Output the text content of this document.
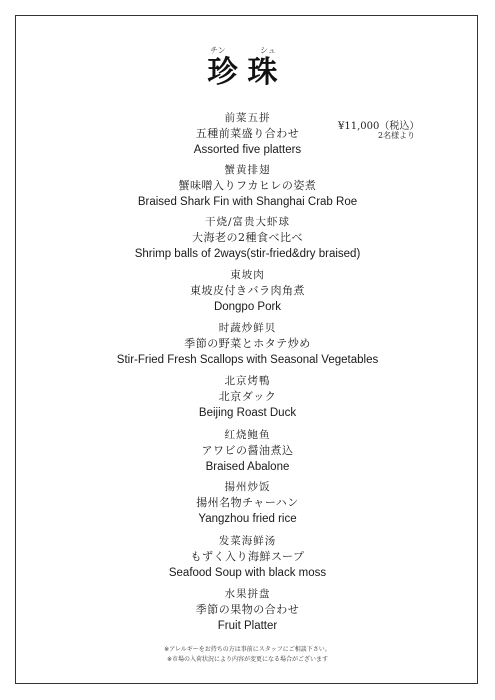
チン	シュ
珍珠
¥11,000（税込）
2名様より
前菜五拼
五種前菜盛り合わせ
Assorted five platters
蟹黄排翅
蟹味噌入りフカヒレの姿煮
Braised Shark Fin with Shanghai Crab Roe
干烧/富贵大虾球
大海老の2種食べ比べ
Shrimp balls of 2ways(stir-fried&dry braised)
東坡肉
東坡皮付きバラ肉角煮
Dongpo Pork
时蔬炒鲜贝
季節の野菜とホタテ炒め
Stir-Fried Fresh Scallops with Seasonal Vegetables
北京烤鴨
北京ダック
Beijing Roast Duck
红烧鲍鱼
アワビの醤油煮込
Braised Abalone
揚州炒饭
揚州名物チャーハン
Yangzhou fried rice
发菜海鲜汤
もずく入り海鮮スープ
Seafood Soup with black moss
水果拼盘
季節の果物の合わせ
Fruit Platter
※アレルギーをお持ちの方は事前にスタッフにご相談下さい。
※市場の入荷状況により内容が変更になる場合がございます
